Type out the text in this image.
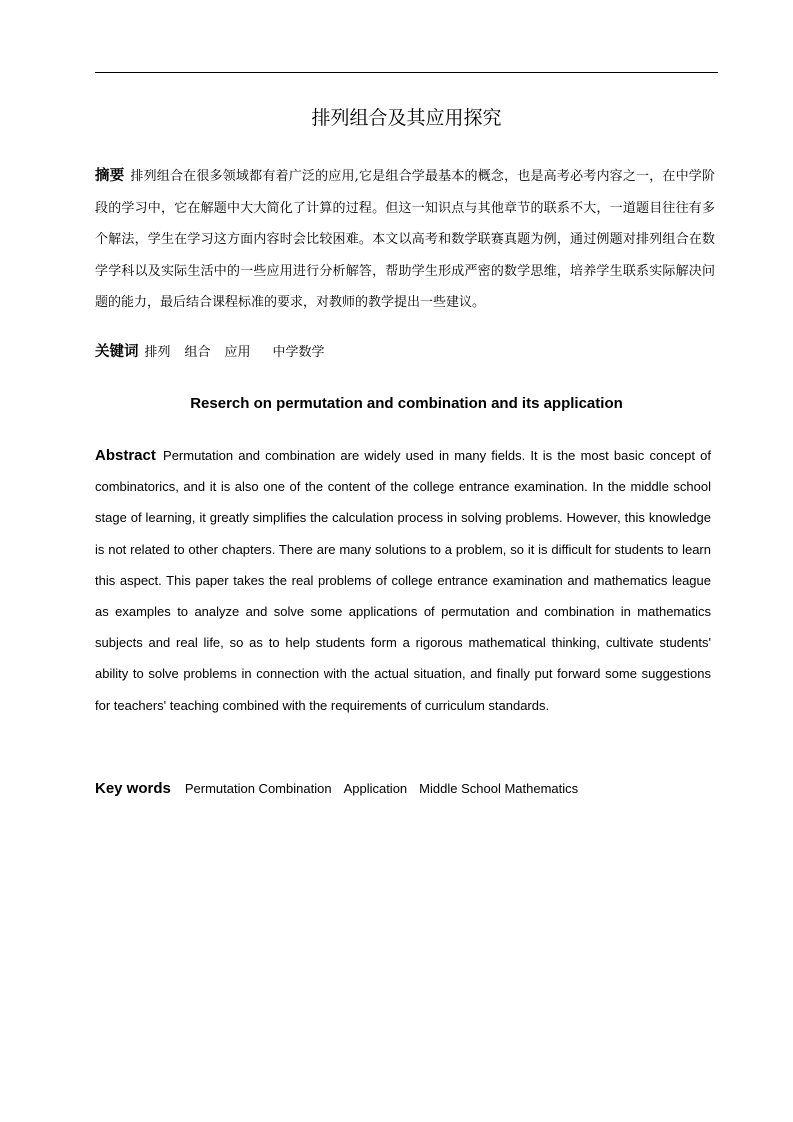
排列组合及其应用探究

摘要 排列组合在很多领域都有着广泛的应用,它是组合学最基本的概念，也是高考必考内容之一，在中学阶段的学习中，它在解题中大大简化了计算的过程。但这一知识点与其他章节的联系不大，一道题目往往有多个解法，学生在学习这方面内容时会比较困难。本文以高考和数学联赛真题为例，通过例题对排列组合在数学学科以及实际生活中的一些应用进行分析解答，帮助学生形成严密的数学思维，培养学生联系实际解决问题的能力，最后结合课程标准的要求，对教师的教学提出一些建议。

关键词 排列 组合 应用 中学数学

Reserch on permutation and combination and its application

Abstract Permutation and combination are widely used in many fields. It is the most basic concept of combinatorics, and it is also one of the content of the college entrance examination. In the middle school stage of learning, it greatly simplifies the calculation process in solving problems. However, this knowledge is not related to other chapters. There are many solutions to a problem, so it is difficult for students to learn this aspect. This paper takes the real problems of college entrance examination and mathematics league as examples to analyze and solve some applications of permutation and combination in mathematics subjects and real life, so as to help students form a rigorous mathematical thinking, cultivate students' ability to solve problems in connection with the actual situation, and finally put forward some suggestions for teachers' teaching combined with the requirements of curriculum standards.

Key words Permutation Combination Application Middle School Mathematics
